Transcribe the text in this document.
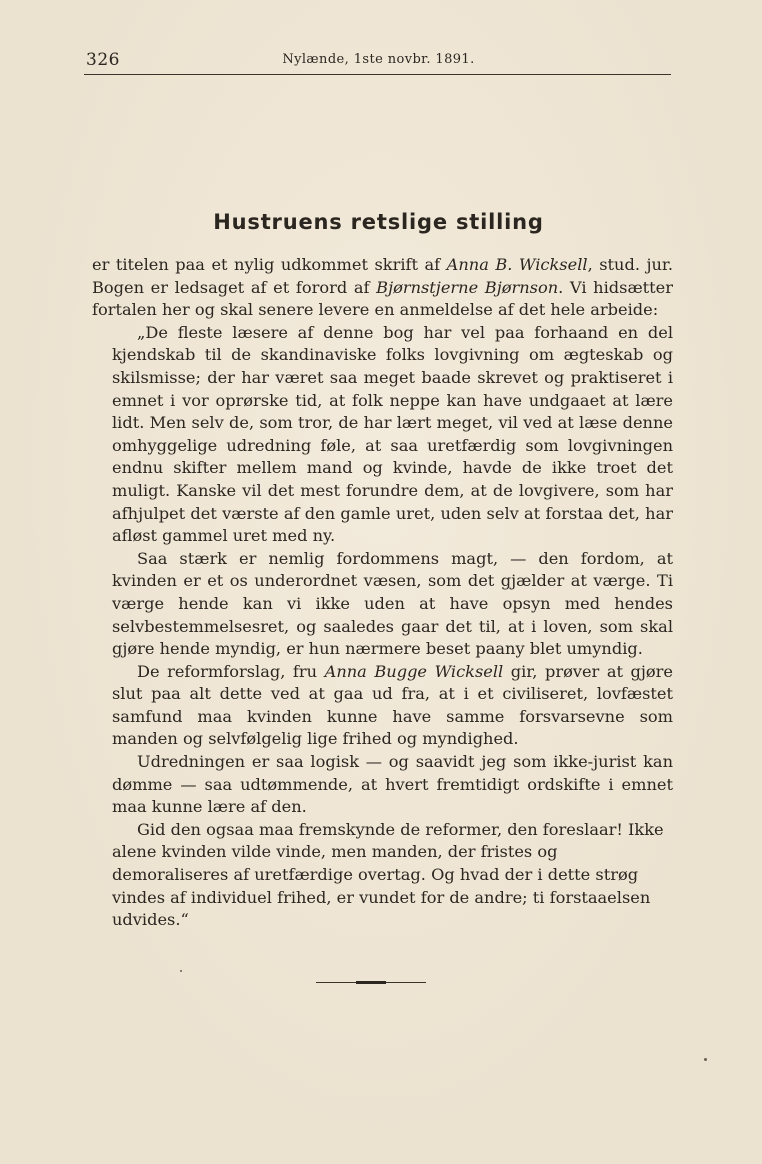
326	Nylænde, 1ste novbr. 1891.
Hustruens retslige stilling

er titelen paa et nylig udkommet skrift af Anna B. Wicksell, stud. jur. Bogen er ledsaget af et forord af Bjørnstjerne Bjørnson. Vi hidsætter fortalen her og skal senere levere en anmeldelse af det hele arbeide:

„De fleste læsere af denne bog har vel paa forhaand en del kjendskab til de skandinaviske folks lovgivning om ægteskab og skilsmisse; der har været saa meget baade skrevet og praktiseret i emnet i vor oprørske tid, at folk neppe kan have undgaaet at lære lidt. Men selv de, som tror, de har lært meget, vil ved at læse denne omhyggelige udredning føle, at saa uretfærdig som lovgivningen endnu skifter mellem mand og kvinde, havde de ikke troet det muligt. Kanske vil det mest forundre dem, at de lovgivere, som har afhjulpet det værste af den gamle uret, uden selv at forstaa det, har afløst gammel uret med ny.

Saa stærk er nemlig fordommens magt, — den fordom, at kvinden er et os underordnet væsen, som det gjælder at værge. Ti værge hende kan vi ikke uden at have opsyn med hendes selvbestemmelsesret, og saaledes gaar det til, at i loven, som skal gjøre hende myndig, er hun nærmere beset paany blet umyndig.

De reformforslag, fru Anna Bugge Wicksell gir, prøver at gjøre slut paa alt dette ved at gaa ud fra, at i et civiliseret, lovfæstet samfund maa kvinden kunne have samme forsvarsevne som manden og selvfølgelig lige frihed og myndighed.

Udredningen er saa logisk — og saavidt jeg som ikke-jurist kan dømme — saa udtømmende, at hvert fremtidigt ordskifte i emnet maa kunne lære af den.

Gid den ogsaa maa fremskynde de reformer, den foreslaar! Ikke alene kvinden vilde vinde, men manden, der fristes og demoraliseres af uretfærdige overtag. Og hvad der i dette strøg vindes af individuel frihed, er vundet for de andre; ti forstaaelsen udvides.“
